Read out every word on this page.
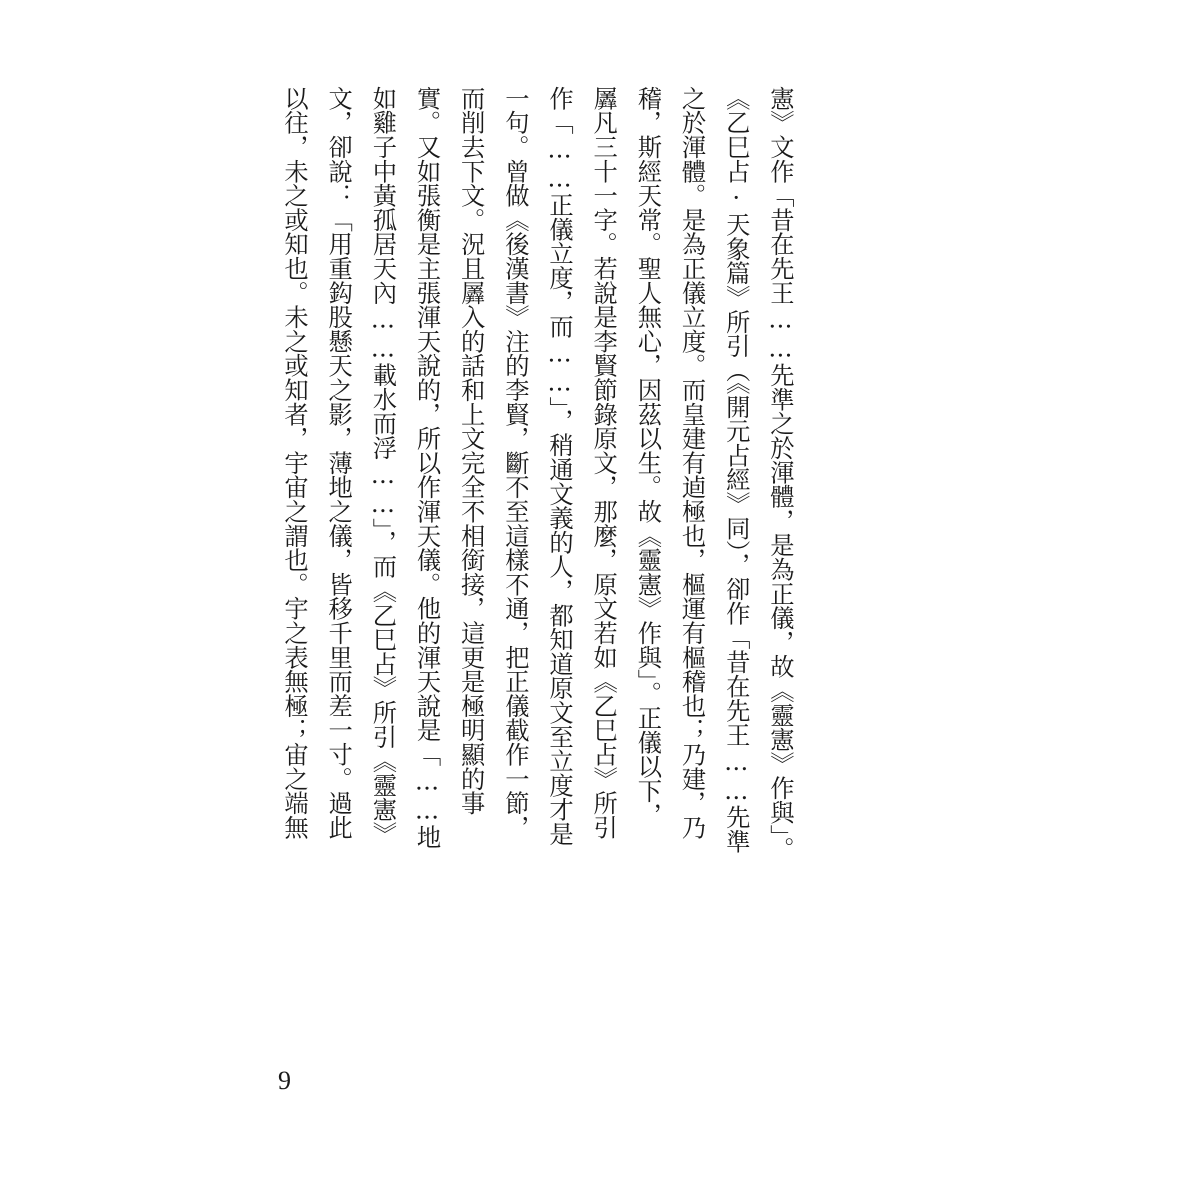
憲》文作「昔在先王……先準之於渾體，是為正儀，故《靈憲》作與」。
《乙巳占·天象篇》所引（《開元占經》同），卻作「昔在先王……先準
之於渾體。是為正儀立度。而皇建有逌極也，樞運有樞稽也；乃建，乃
稽，斯經天常。聖人無心，因茲以生。故《靈憲》作與」。正儀以下，
羼凡三十一字。若說是李賢節錄原文，那麼，原文若如《乙巳占》所引
作「……正儀立度，而……」，稍通文義的人，都知道原文至立度才是
一句。曾做《後漢書》注的李賢，斷不至這樣不通，把正儀截作一節，
而削去下文。況且羼入的話和上文完全不相銜接，這更是極明顯的事
實。又如張衡是主張渾天說的，所以作渾天儀。他的渾天說是「……地
如雞子中黃孤居天內……載水而浮……」，而《乙巳占》所引《靈憲》
文，卻說：「用重鈎股懸天之影，薄地之儀，皆移千里而差一寸。過此
以往，未之或知也。未之或知者，宇宙之謂也。宇之表無極；宙之端無
9
